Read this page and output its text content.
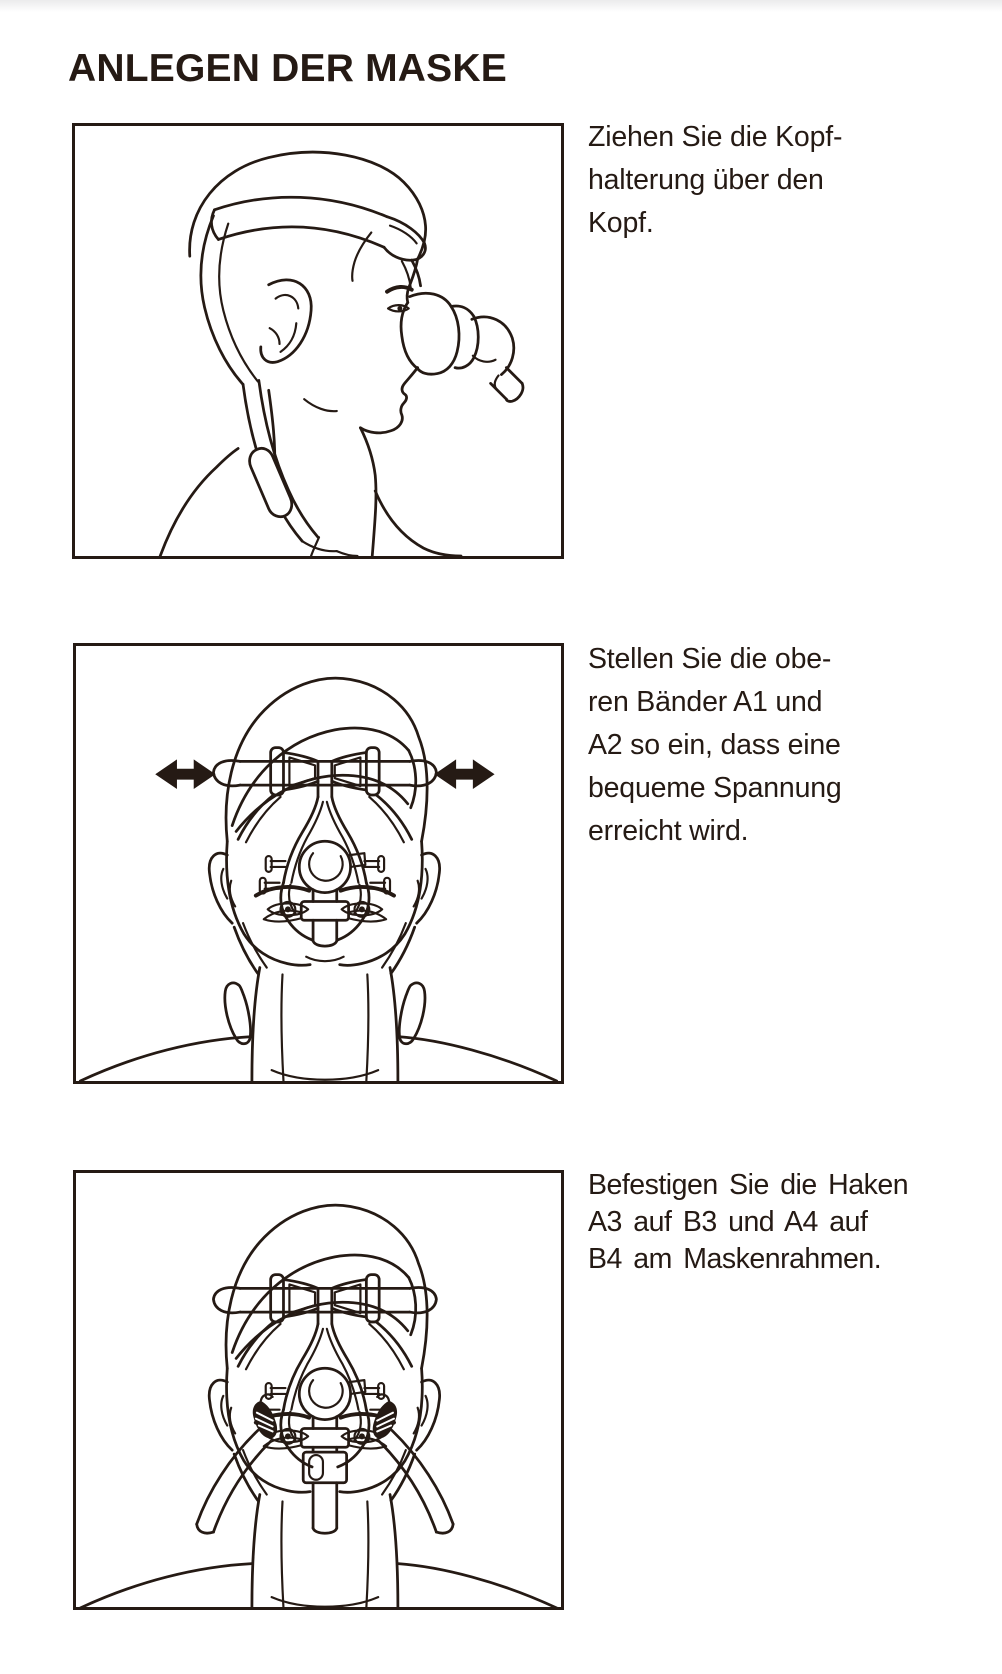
ANLEGEN DER MASKE
Ziehen Sie die Kopf-
halterung über den
Kopf.
Stellen Sie die obe-
ren Bänder A1 und
A2 so ein, dass eine
bequeme Spannung
erreicht wird.
Befestigen Sie die Haken
A3 auf B3 und A4 auf
B4 am Maskenrahmen.
